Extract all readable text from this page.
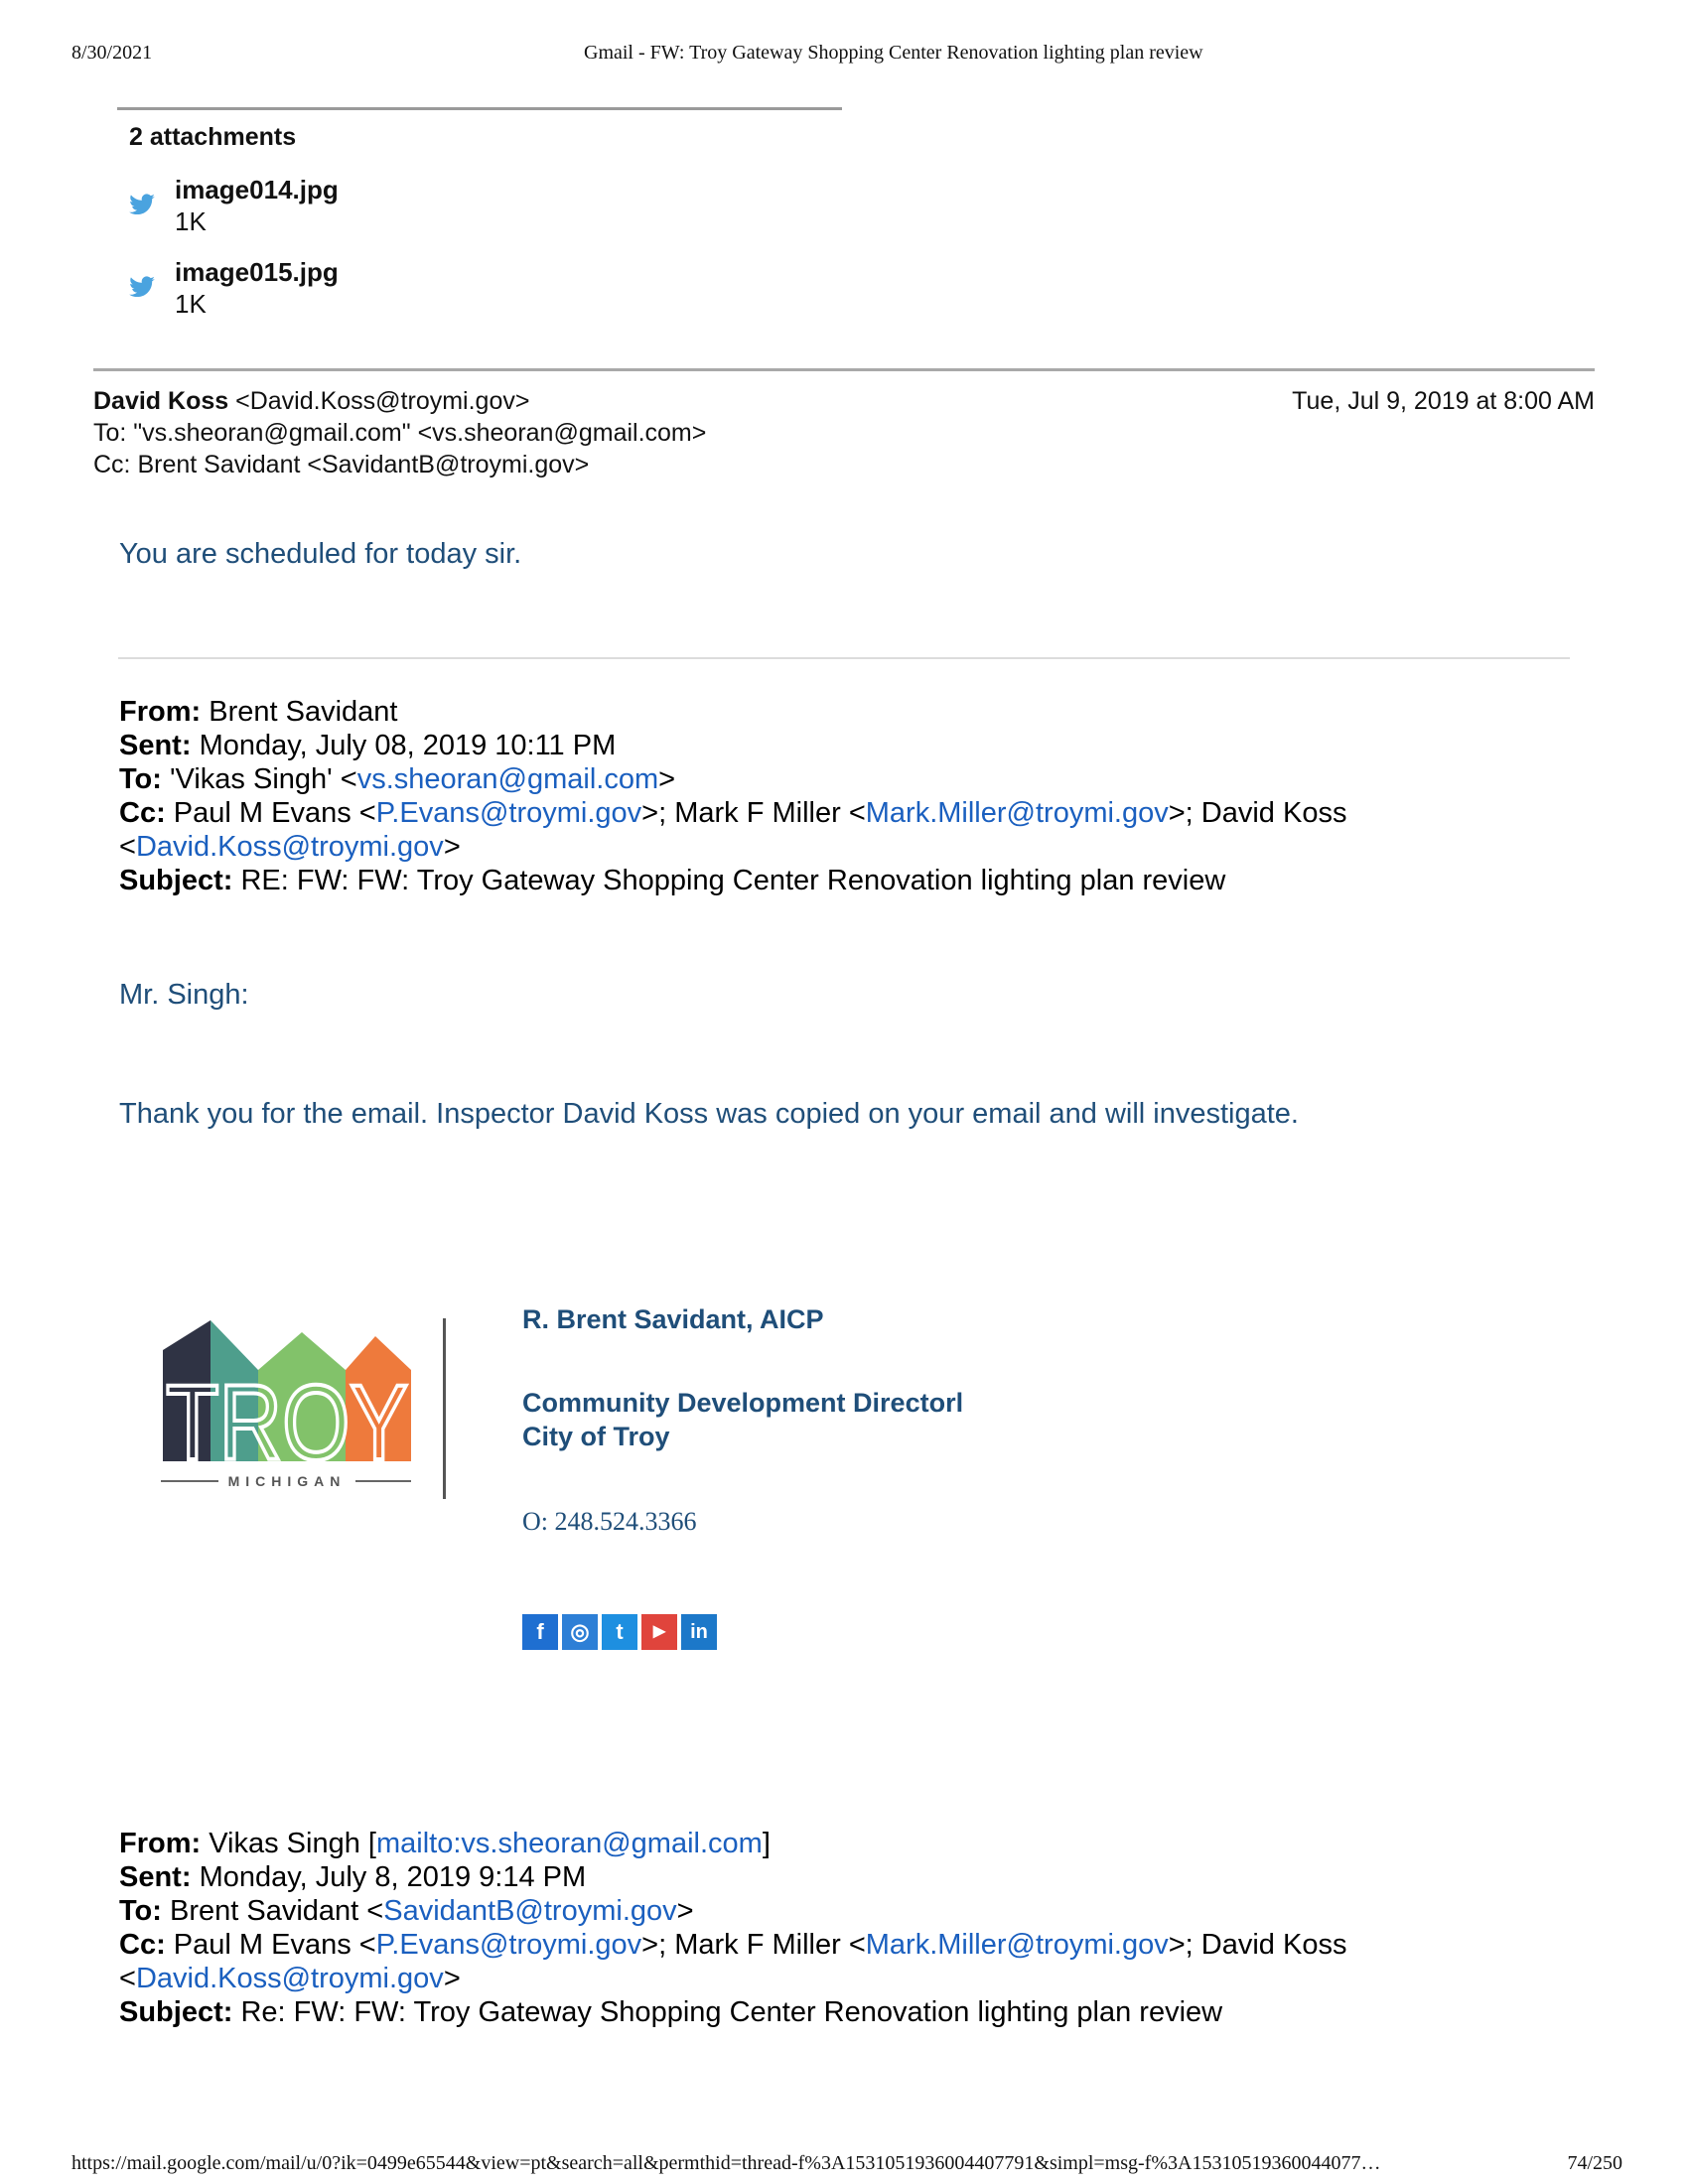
8/30/2021	Gmail - FW: Troy Gateway Shopping Center Renovation lighting plan review
2 attachments
image014.jpg
1K
image015.jpg
1K
David Koss <David.Koss@troymi.gov>	Tue, Jul 9, 2019 at 8:00 AM
To: "vs.sheoran@gmail.com" <vs.sheoran@gmail.com>
Cc: Brent Savidant <SavidantB@troymi.gov>
You are scheduled for today sir.
From: Brent Savidant
Sent: Monday, July 08, 2019 10:11 PM
To: 'Vikas Singh' <vs.sheoran@gmail.com>
Cc: Paul M Evans <P.Evans@troymi.gov>; Mark F Miller <Mark.Miller@troymi.gov>; David Koss
<David.Koss@troymi.gov>
Subject: RE: FW: FW: Troy Gateway Shopping Center Renovation lighting plan review
Mr. Singh:
Thank you for the email. Inspector David Koss was copied on your email and will investigate.
TROY
MICHIGAN
R. Brent Savidant, AICP
Community Development Directorl
City of Troy
O: 248.524.3366
f ◎ t ▶ in
From: Vikas Singh [mailto:vs.sheoran@gmail.com]
Sent: Monday, July 8, 2019 9:14 PM
To: Brent Savidant <SavidantB@troymi.gov>
Cc: Paul M Evans <P.Evans@troymi.gov>; Mark F Miller <Mark.Miller@troymi.gov>; David Koss
<David.Koss@troymi.gov>
Subject: Re: FW: FW: Troy Gateway Shopping Center Renovation lighting plan review
https://mail.google.com/mail/u/0?ik=0499e65544&view=pt&search=all&permthid=thread-f%3A1531051936004407791&simpl=msg-f%3A15310519360044077…	74/250
